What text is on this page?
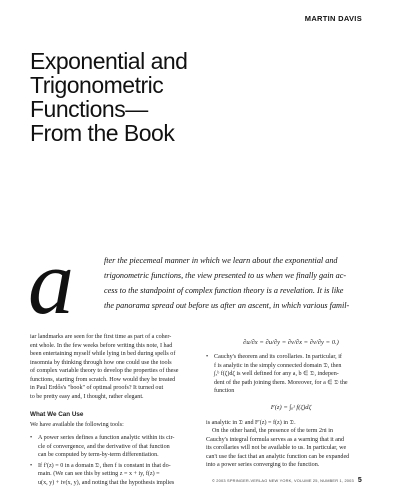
MARTIN DAVIS
Exponential and
Trigonometric
Functions—
From the Book
a	fter the piecemeal manner in which we learn about the exponential and
trigonometric functions, the view presented to us when we finally gain ac-
cess to the standpoint of complex function theory is a revelation. It is like
the panorama spread out before us after an ascent, in which various famil-
iar landmarks are seen for the first time as part of a coher-
ent whole. In the few weeks before writing this note, I had
been entertaining myself while lying in bed during spells of
insomnia by thinking through how one could use the tools
of complex variable theory to develop the properties of these
functions, starting from scratch. How would they be treated
in Paul Erdős's "book" of optimal proofs? It turned out
to be pretty easy and, I thought, rather elegant.
What We Can Use
We have available the following tools:
• A power series defines a function analytic within its cir-
cle of convergence, and the derivative of that function
can be computed by term-by-term differentiation.
• If f′(z) = 0 in a domain 𝔇, then f is constant in that do-
main. (We can see this by setting z = x + iy, f(z) =
u(x, y) + iv(x, y), and noting that the hypothesis implies
∂u/∂x = ∂u/∂y = ∂v/∂x = ∂v/∂y = 0.)
• Cauchy's theorem and its corollaries. In particular, if
f is analytic in the simply connected domain 𝔇, then
∫ₐᵇ f(ζ)dζ is well defined for any a, b ∈ 𝔇, indepen-
dent of the path joining them. Moreover, for a ∈ 𝔇 the
function
F(z) = ∫ₐᶻ f(ζ)dζ
is analytic in 𝔇 and F′(z) = f(z) in 𝔇.
On the other hand, the presence of the term 2πi in
Cauchy's integral formula serves as a warning that it and
its corollaries will not be available to us. In particular, we
can't use the fact that an analytic function can be expanded
into a power series converging to the function.
© 2003 SPRINGER-VERLAG NEW YORK, VOLUME 25, NUMBER 1, 2003 5
